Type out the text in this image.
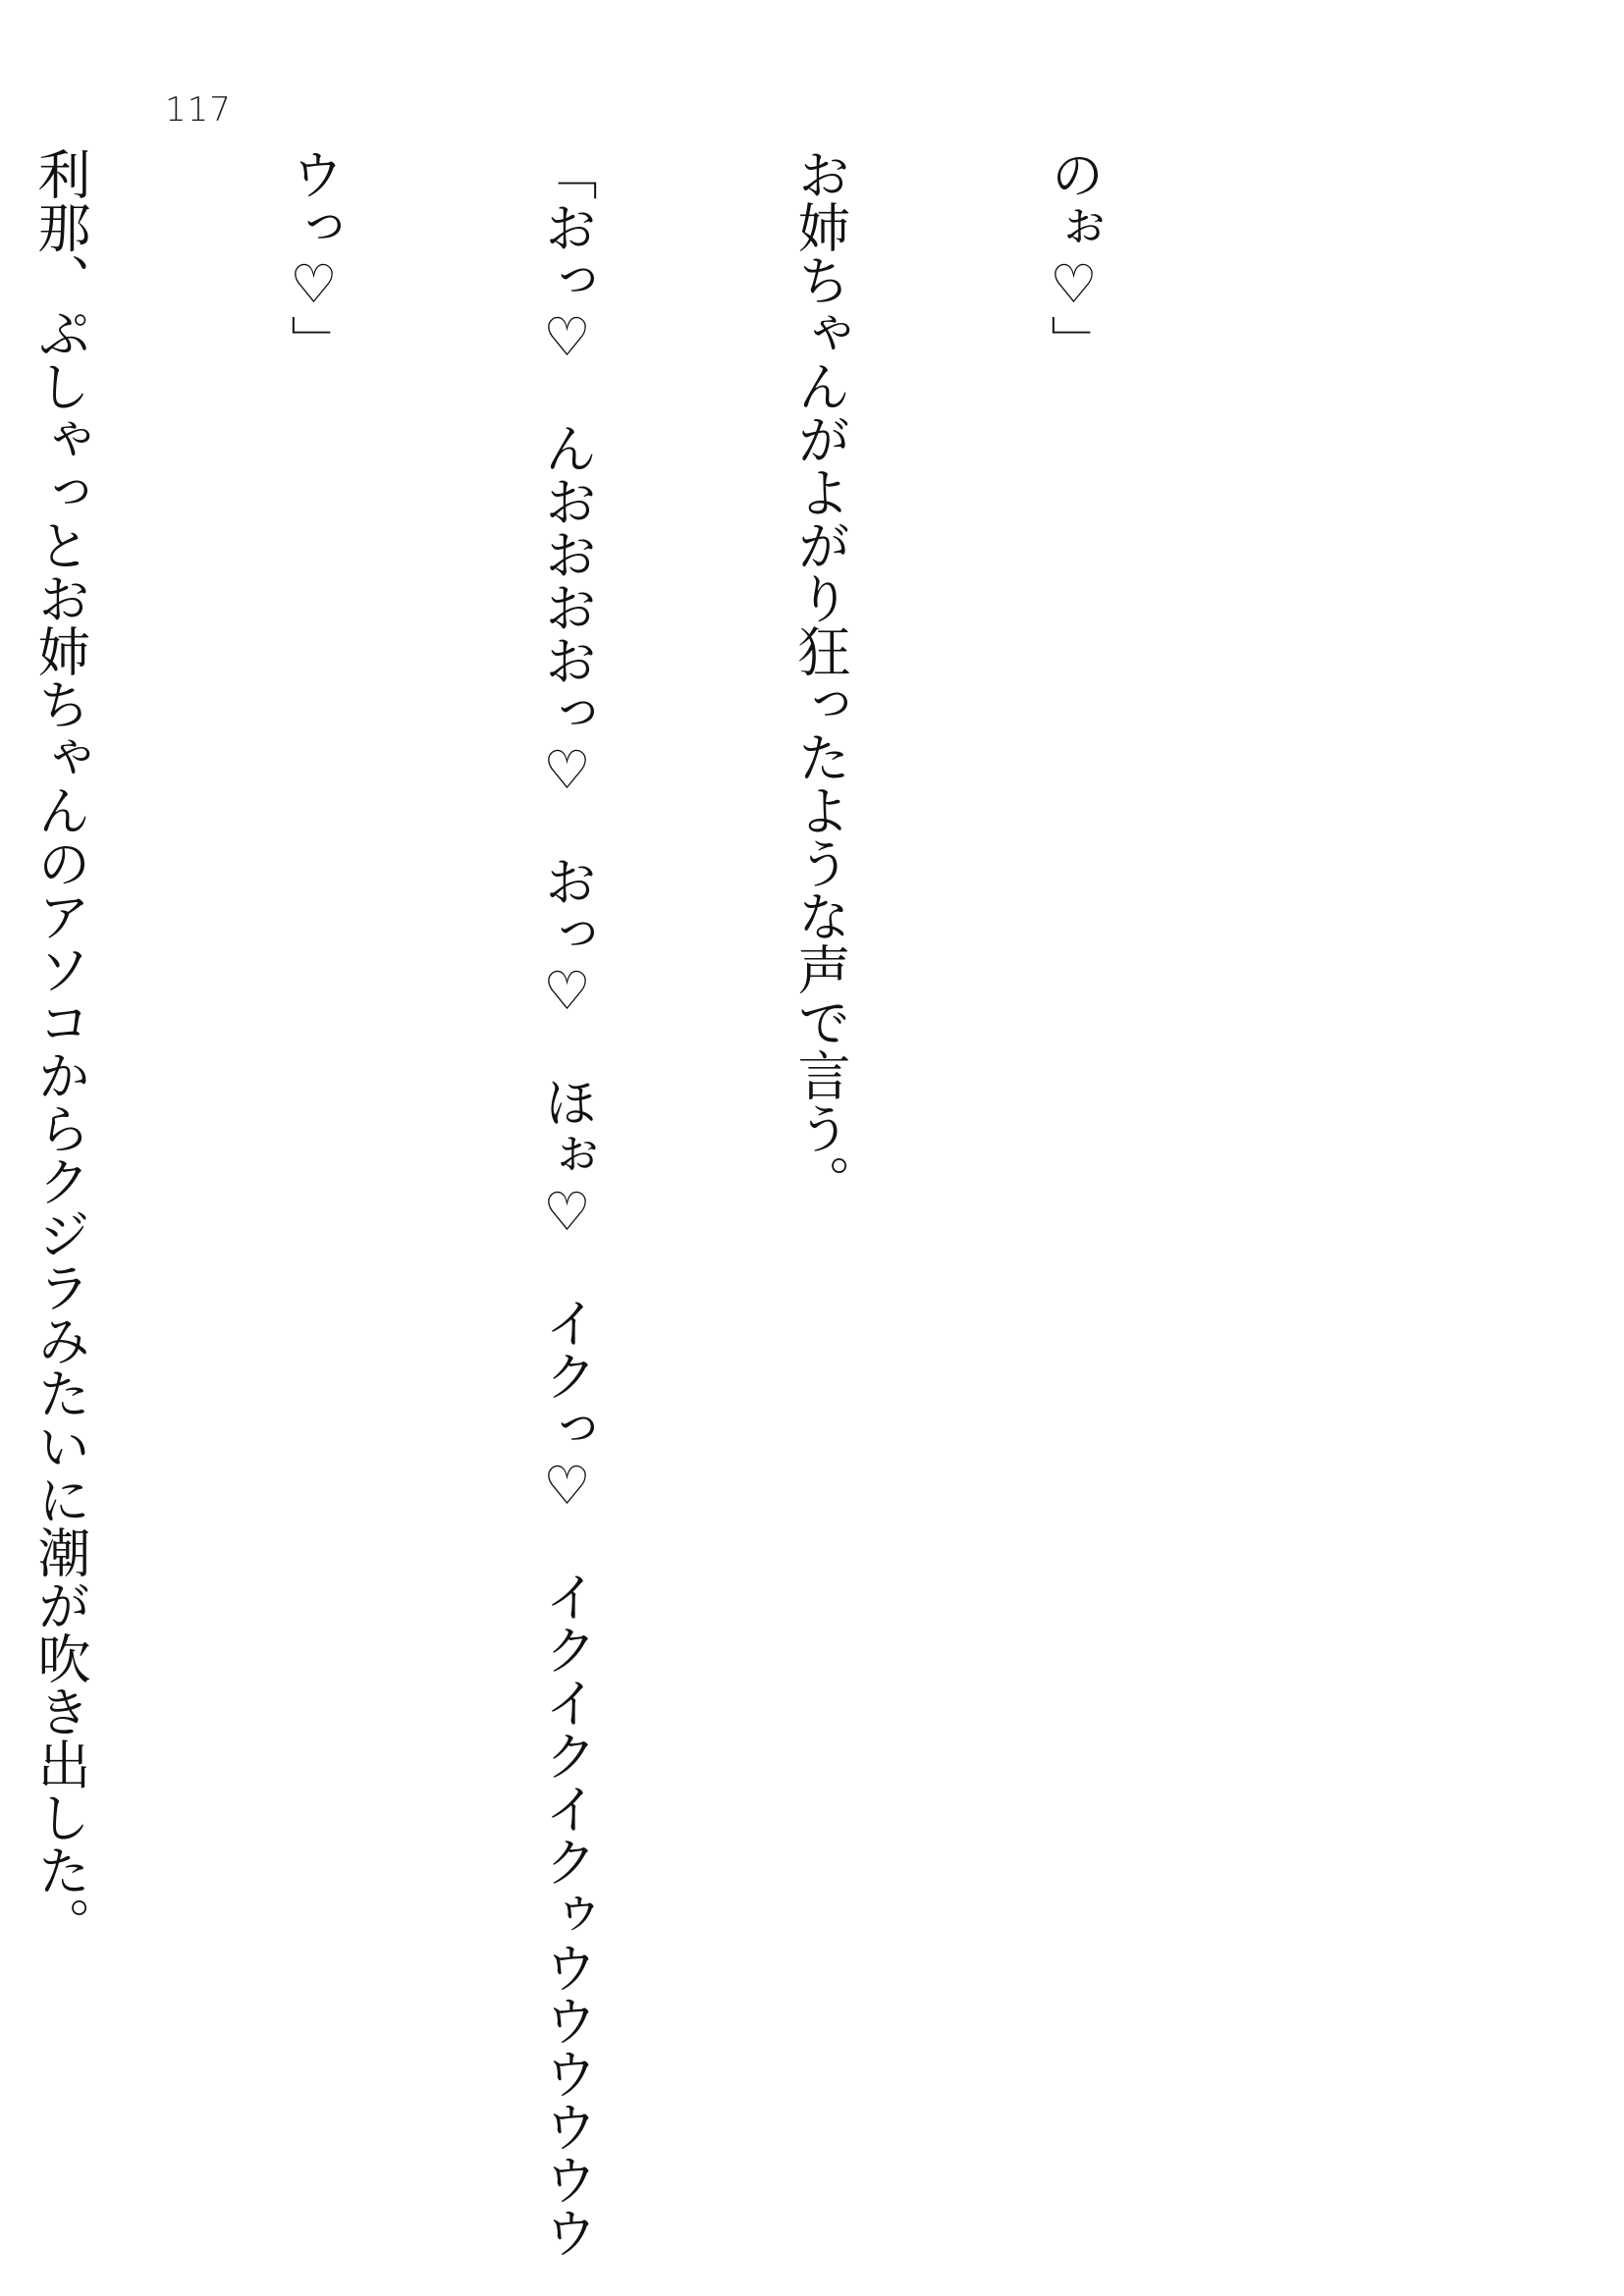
117

のぉ♡」

お姉ちゃんがよがり狂ったような声で言う。

「おっ♡　んおおおおっ♡　おっ♡　ほぉ♡　イクっ♡　イクイクイクゥウウウウウウ

ウっ♡」

利那、ぷしゃっとお姉ちゃんのアソコからクジラみたいに潮が吹き出した。
